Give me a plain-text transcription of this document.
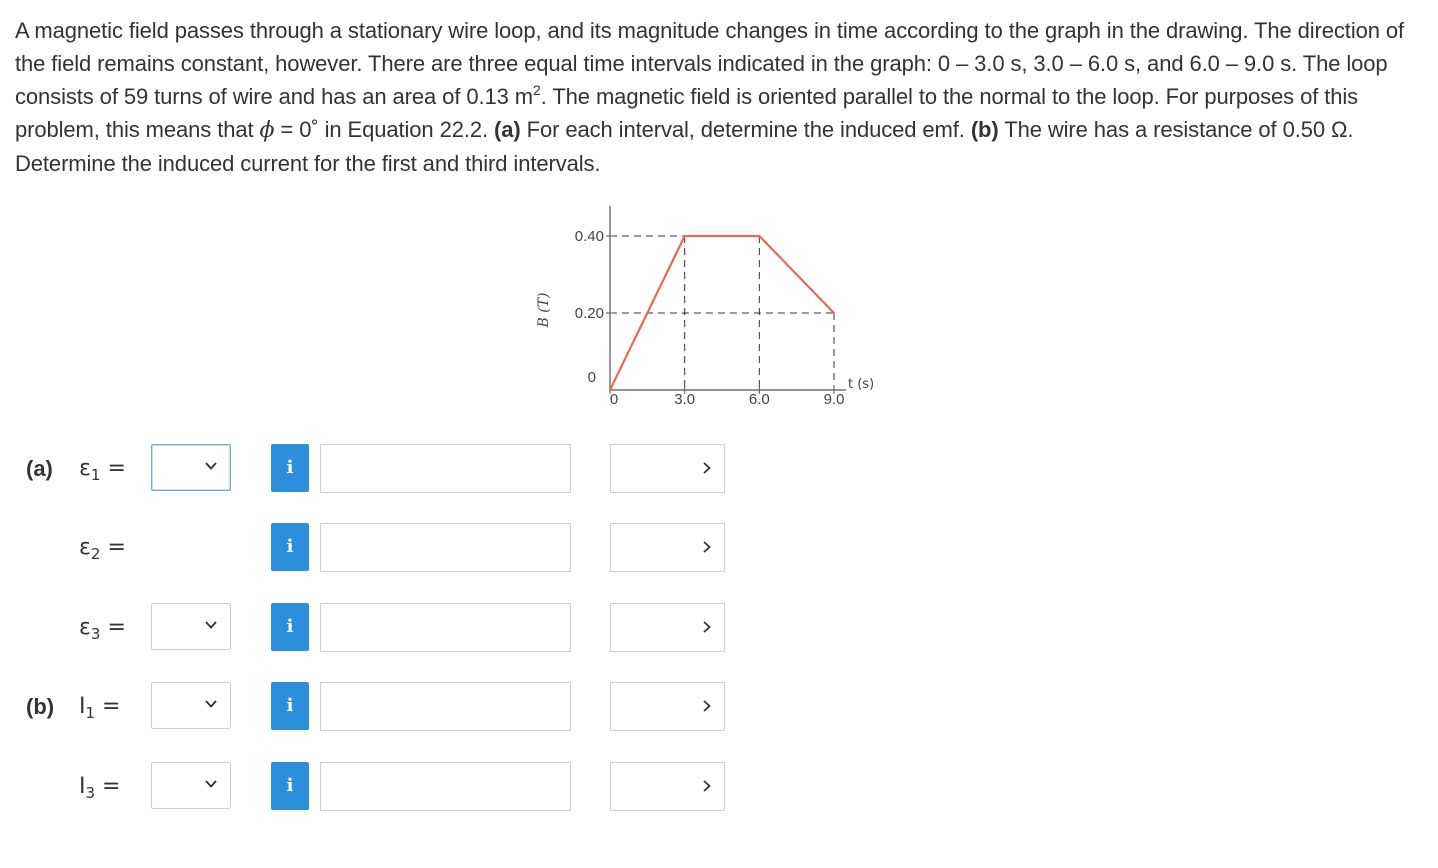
A magnetic field passes through a stationary wire loop, and its magnitude changes in time according to the graph in the drawing. The direction of the field remains constant, however. There are three equal time intervals indicated in the graph: 0 – 3.0 s, 3.0 – 6.0 s, and 6.0 – 9.0 s. The loop consists of 59 turns of wire and has an area of 0.13 $m^2$. The magnetic field is oriented parallel to the normal to the loop. For purposes of this problem, this means that ϕ = 0˚ in Equation 22.2. (a) For each interval, determine the induced emf. (b) The wire has a resistance of 0.50 Ω. Determine the induced current for the first and third intervals.
0
0.20
0.40
0	3.0	6.0	9.0
B (T)
t (s)
(a) $\varepsilon_1$ =	i
$\varepsilon_2$ =	i
$\varepsilon_3$ =	i
(b) $I_1$ =	i
$I_3$ =	i
